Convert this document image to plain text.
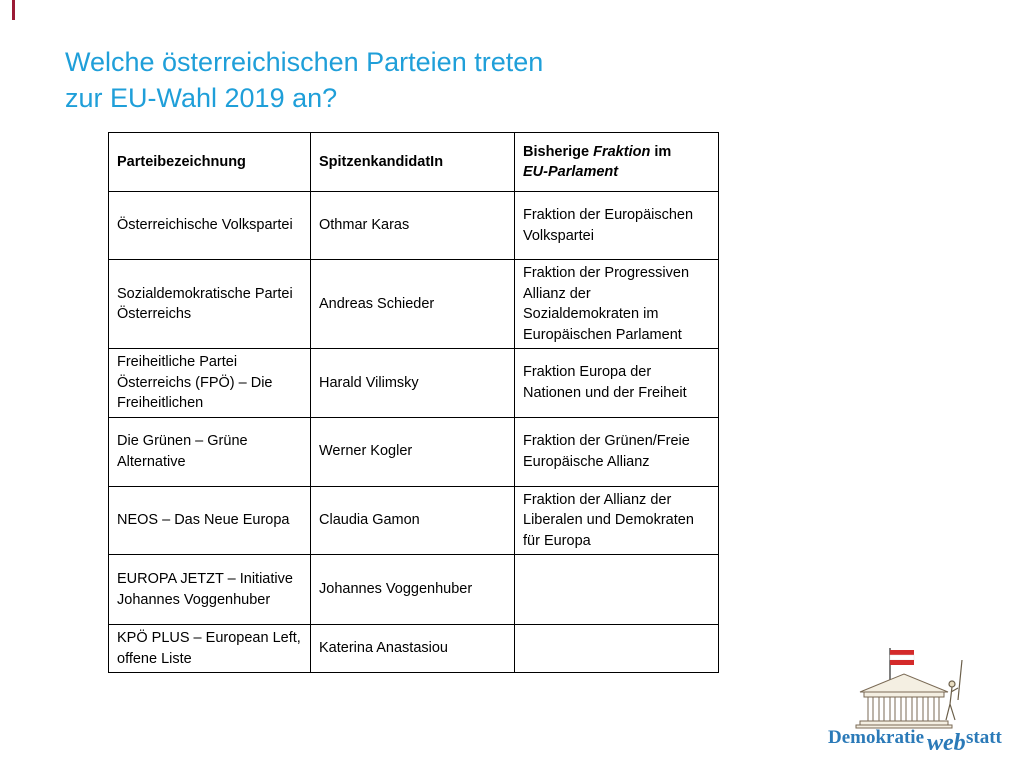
Welche österreichischen Parteien treten
zur EU-Wahl 2019 an?
Parteibezeichnung	SpitzenkandidatIn	Bisherige Fraktion im
EU-Parlament
Österreichische Volkspartei	Othmar Karas	Fraktion der Europäischen Volkspartei
Sozialdemokratische Partei Österreichs	Andreas Schieder	Fraktion der Progressiven Allianz der Sozialdemokraten im Europäischen Parlament
Freiheitliche Partei Österreichs (FPÖ) – Die Freiheitlichen	Harald Vilimsky	Fraktion Europa der Nationen und der Freiheit
Die Grünen – Grüne Alternative	Werner Kogler	Fraktion der Grünen/Freie Europäische Allianz
NEOS – Das Neue Europa	Claudia Gamon	Fraktion der Allianz der Liberalen und Demokraten für Europa
EUROPA JETZT – Initiative Johannes Voggenhuber	Johannes Voggenhuber	
KPÖ PLUS – European Left, offene Liste	Katerina Anastasiou	
Demokratie web statt
